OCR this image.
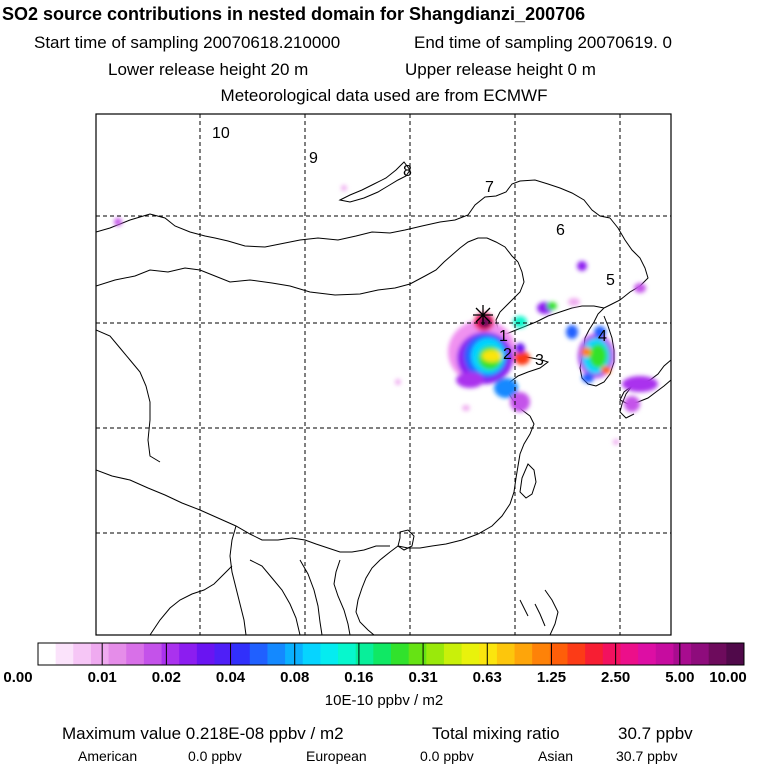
SO2 source contributions in nested domain for Shangdianzi_200706
Start time of sampling 20070618.210000	End time of sampling 20070619. 0
Lower release height 20 m	Upper release height 0 m
Meteorological data used are from ECMWF
1
2 3
4
5
6
7
8
9
10
0.00	0.01 0.02 0.04 0.08 0.16 0.31 0.63 1.25 2.50 5.00 10.00
10E-10 ppbv / m2
Maximum value 0.218E-08 ppbv / m2	Total mixing ratio	30.7 ppbv
American	0.0 ppbv	European	0.0 ppbv	Asian	30.7 ppbv
